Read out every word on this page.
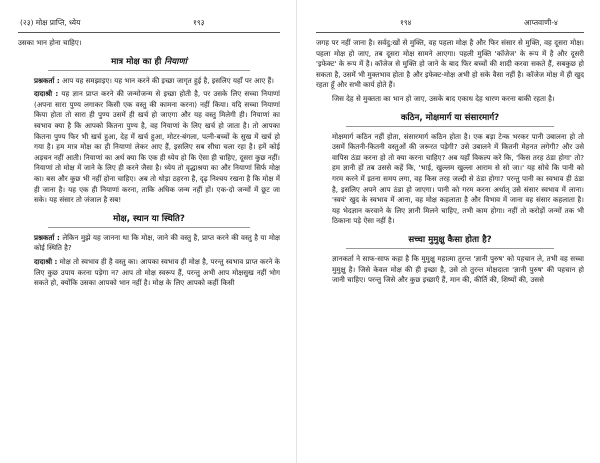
(२३) मोक्ष प्राप्ति, ध्येय	१९३

उसका भान होना चाहिए।

मात्र मोक्ष का ही नियाणां

प्रश्नकर्ता : आप यह समझाइए। यह भान करने की इच्छा जागृत हुई है, इसलिए यहाँ पर आए हैं।

दादाश्री : यह ज्ञान प्राप्त करने की जन्मोजन्म से इच्छा होती है, पर उसके लिए सच्चा नियाणां (अपना सारा पुण्य लगाकर किसी एक वस्तु की कामना करना) नहीं किया। यदि सच्चा नियाणां किया होता तो सारा ही पुण्य उसमें ही खर्च हो जाएगा और यह वस्तु मिलेगी ही। नियाणां का स्वभाव क्या है कि आपको कितना पुण्य है, वह नियाणां के लिए खर्च हो जाता है। तो आपका कितना पुण्य फिर भी खर्च हुआ, देह में खर्च हुआ, मोटर-बंगला, पत्नी-बच्चों के सुख में खर्च हो गया है। हम मात्र मोक्ष का ही नियाणां लेकर आए हैं, इसलिए सब सीधा चला रहा है। हमें कोई अड़चन नहीं आती। नियाणां का अर्थ क्या कि एक ही ध्येय हो कि ऐसा ही चाहिए, दूसरा कुछ नहीं। नियाणां तो मोक्ष में जाने के लिए ही करने जैसा है। ध्येय तो वृद्धाश्रया का और नियाणां सिर्फ मोक्ष का। बस और कुछ भी नहीं होना चाहिए। अब तो थोड़ा ठहरना है, दृढ़ निश्चय रखना है कि मोक्ष में ही जाना है। यह एक ही नियाणां करना, ताकि अधिक जन्म नहीं हों। एक-दो जन्मों में छूट जा सके। यह संसार तो जंजाल है सब!

मोक्ष, स्थान या स्थिति?

प्रश्नकर्ता : लेकिन मुझे यह जानना था कि मोक्ष, जाने की वस्तु है, प्राप्त करने की वस्तु है या मोक्ष कोई स्थिति है?

दादाश्री : मोक्ष तो स्वभाव ही है वस्तु का। आपका स्वभाव ही मोक्ष है, परन्तु स्वभाव प्राप्त करने के लिए कुछ उपाय करना पड़ेगा न? आप तो मोक्ष स्वरूप हैं, परन्तु अभी आप मोक्षसुख नहीं भोग सकते हो, क्योंकि उसका आपको भान नहीं है। मोक्ष के लिए आपको कहीं किसी

१९४	आप्तवाणी-४

जगह पर नहीं जाना है। सर्वदु:खों से मुक्ति, वह पहला मोक्ष है और फिर संसार से मुक्ति, वह दूसरा मोक्ष। पहला मोक्ष हो जाए, तब दूसरा मोक्ष सामने आएगा। पहली मुक्ति 'कॉजेज' के रूप में है और दूसरी 'इफेक्ट' के रूप में है। कॉजेज से मुक्ति हो जाने के बाद फिर बच्चों की शादी करवा सकते हैं, सबकुछ हो सकता है, उसमें भी मुक्तभाव होता है और इफेक्ट-मोक्ष अभी हो सके वैसा नहीं है। कॉजेज मोक्ष में ही खुद रहता हूँ और सभी कार्य होते हैं।

जिस देह से मुक्तता का भान हो जाए, उसके बाद एकाध देह धारण करना बाकी रहता है।

कठिन, मोक्षमार्ग या संसारमार्ग?

मोक्षमार्ग कठिन नहीं होता, संसारमार्ग कठिन होता है। एक बड़ा टेन्क भरकर पानी उबालना हो तो उसमें कितनी-कितनी वस्तुओं की जरूरत पड़ेगी? उसे उबालने में कितनी मेहनत लगेगी? और उसे वापिस ठंडा करना हो तो क्या करना चाहिए? अब यहाँ विकल्प करे कि, 'किस तरह ठंडा होगा' तो? हम ज्ञानी हों तब उससे कहें कि, 'भाई, खुल्लम खुल्ला आराम से सो जा।' यह सोचे कि पानी को गरम करने में इतना समय लगा, वह किस तरह जल्दी से ठंडा होगा? परन्तु पानी का स्वभाव ही ठंडा है, इसलिए अपने आप ठंडा हो जाएगा। पानी को गरम करना अर्थात् उसे संसार स्वभाव में लाना। 'स्वयं' खुद के स्वभाव में आना, वह मोक्ष कहलाता है और विभाव में जाना वह संसार कहलाता है। यह भेदज्ञान करवाने के लिए ज्ञानी मिलने चाहिए, तभी काम होगा। नहीं तो करोड़ों जन्मों तक भी ठिकाना पड़े ऐसा नहीं है।

सच्चा मुमुक्षु कैसा होता है?

ज्ञानकर्ता ने साफ-साफ कहा है कि मुमुक्षु महात्मा तुरन्त 'ज्ञानी पुरुष' को पहचान ले, तभी वह सच्चा मुमुक्षु है। जिसे केवल मोक्ष की ही इच्छा है, उसे तो तुरन्त मोक्षदाता 'ज्ञानी पुरुष' की पहचान हो जानी चाहिए। परन्तु जिसे और कुछ इच्छाएँ हैं, मान की, कीर्ति की, शिष्यों की, उससे
